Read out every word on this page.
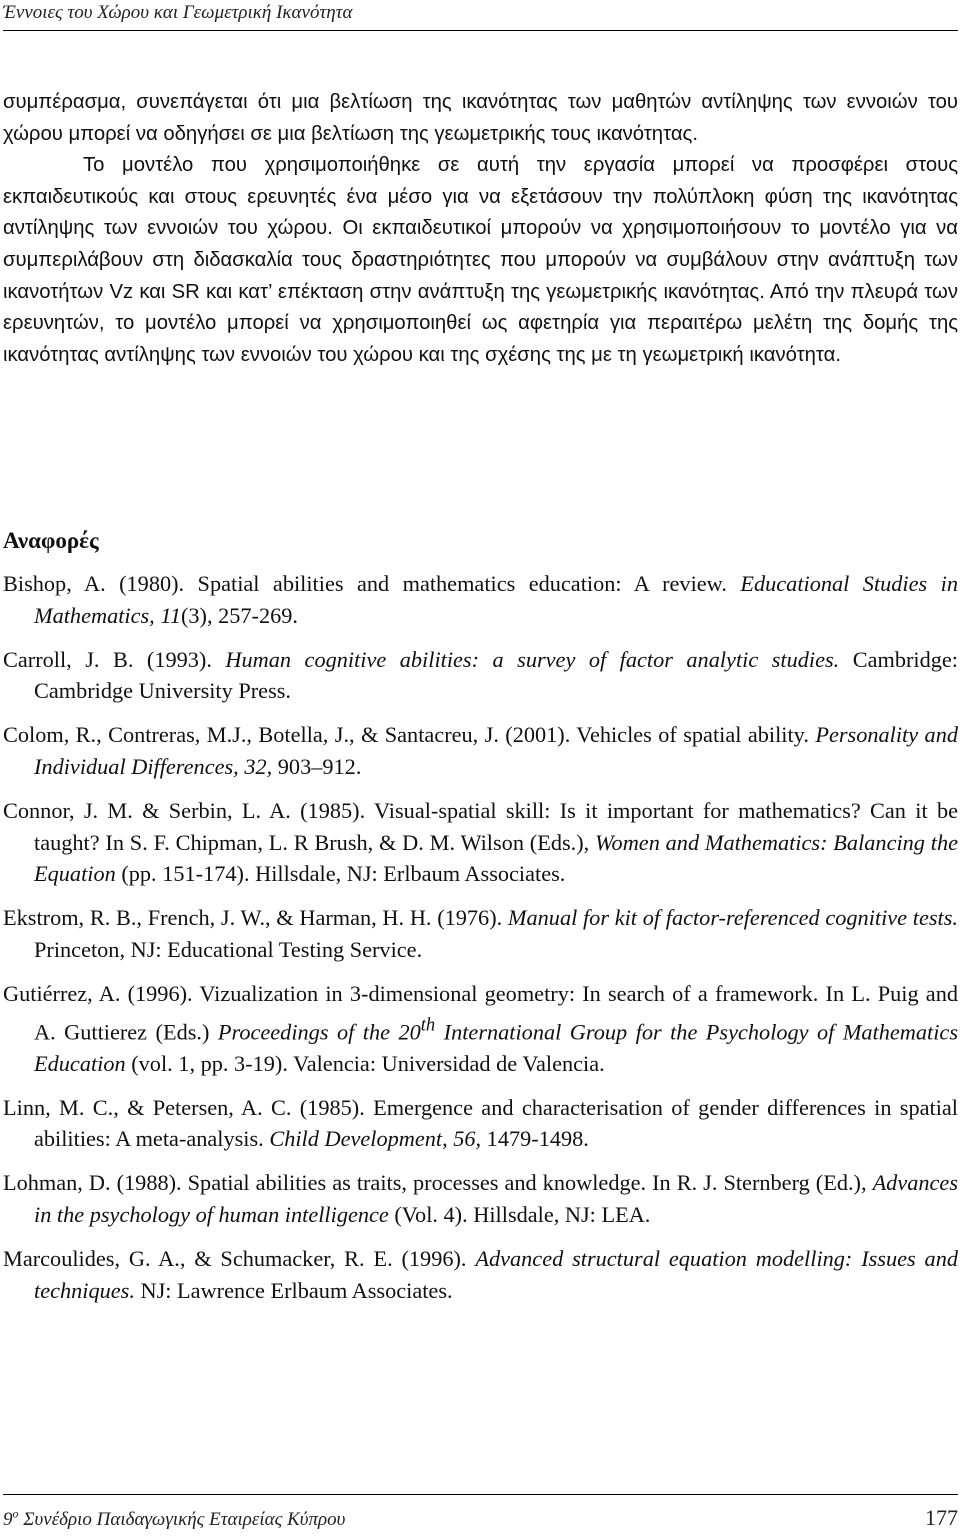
Έννοιες του Χώρου και Γεωμετρική Ικανότητα

συμπέρασμα, συνεπάγεται ότι μια βελτίωση της ικανότητας των μαθητών αντίληψης των εννοιών του χώρου μπορεί να οδηγήσει σε μια βελτίωση της γεωμετρικής τους ικανότητας.

Το μοντέλο που χρησιμοποιήθηκε σε αυτή την εργασία μπορεί να προσφέρει στους εκπαιδευτικούς και στους ερευνητές ένα μέσο για να εξετάσουν την πολύπλοκη φύση της ικανότητας αντίληψης των εννοιών του χώρου. Οι εκπαιδευτικοί μπορούν να χρησιμοποιήσουν το μοντέλο για να συμπεριλάβουν στη διδασκαλία τους δραστηριότητες που μπορούν να συμβάλουν στην ανάπτυξη των ικανοτήτων Vz και SR και κατ’ επέκταση στην ανάπτυξη της γεωμετρικής ικανότητας. Από την πλευρά των ερευνητών, το μοντέλο μπορεί να χρησιμοποιηθεί ως αφετηρία για περαιτέρω μελέτη της δομής της ικανότητας αντίληψης των εννοιών του χώρου και της σχέσης της με τη γεωμετρική ικανότητα.

Αναφορές

Bishop, A. (1980). Spatial abilities and mathematics education: A review. Educational Studies in Mathematics, 11(3), 257-269.

Carroll, J. B. (1993). Human cognitive abilities: a survey of factor analytic studies. Cambridge: Cambridge University Press.

Colom, R., Contreras, M.J., Botella, J., & Santacreu, J. (2001). Vehicles of spatial ability. Personality and Individual Differences, 32, 903–912.

Connor, J. M. & Serbin, L. A. (1985). Visual-spatial skill: Is it important for mathematics? Can it be taught? In S. F. Chipman, L. R Brush, & D. M. Wilson (Eds.), Women and Mathematics: Balancing the Equation (pp. 151-174). Hillsdale, NJ: Erlbaum Associates.

Ekstrom, R. B., French, J. W., & Harman, H. H. (1976). Manual for kit of factor-referenced cognitive tests. Princeton, NJ: Educational Testing Service.

Gutiérrez, A. (1996). Vizualization in 3-dimensional geometry: In search of a framework. In L. Puig and A. Guttierez (Eds.) Proceedings of the 20th International Group for the Psychology of Mathematics Education (vol. 1, pp. 3-19). Valencia: Universidad de Valencia.

Linn, M. C., & Petersen, A. C. (1985). Emergence and characterisation of gender differences in spatial abilities: A meta-analysis. Child Development, 56, 1479-1498.

Lohman, D. (1988). Spatial abilities as traits, processes and knowledge. In R. J. Sternberg (Ed.), Advances in the psychology of human intelligence (Vol. 4). Hillsdale, NJ: LEA.

Marcoulides, G. A., & Schumacker, R. E. (1996). Advanced structural equation modelling: Issues and techniques. NJ: Lawrence Erlbaum Associates.

$9^o$ Συνέδριο Παιδαγωγικής Εταιρείας Κύπρου	177
